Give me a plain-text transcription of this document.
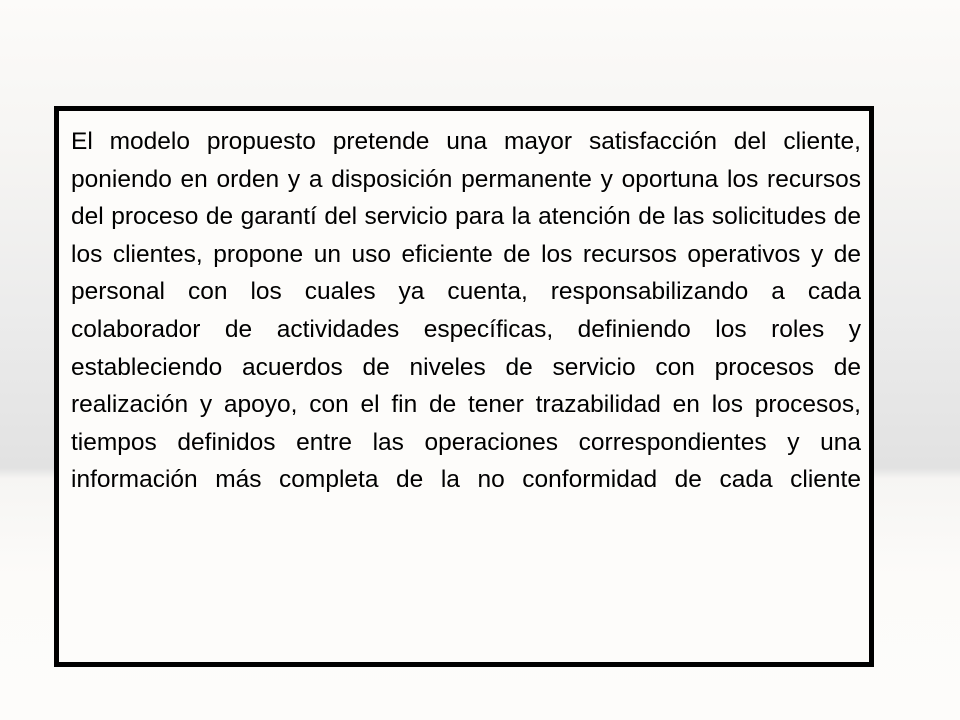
El modelo propuesto pretende una mayor satisfacción del cliente, poniendo en orden y a disposición permanente y oportuna los recursos del proceso de garantí del servicio para la atención de las solicitudes de los clientes, propone un uso eficiente de los recursos operativos y de personal con los cuales ya cuenta, responsabilizando a cada colaborador de actividades específicas, definiendo los roles y estableciendo acuerdos de niveles de servicio con procesos de realización y apoyo, con el fin de tener trazabilidad en los procesos, tiempos definidos entre las operaciones correspondientes y una información más completa de la no conformidad de cada cliente
